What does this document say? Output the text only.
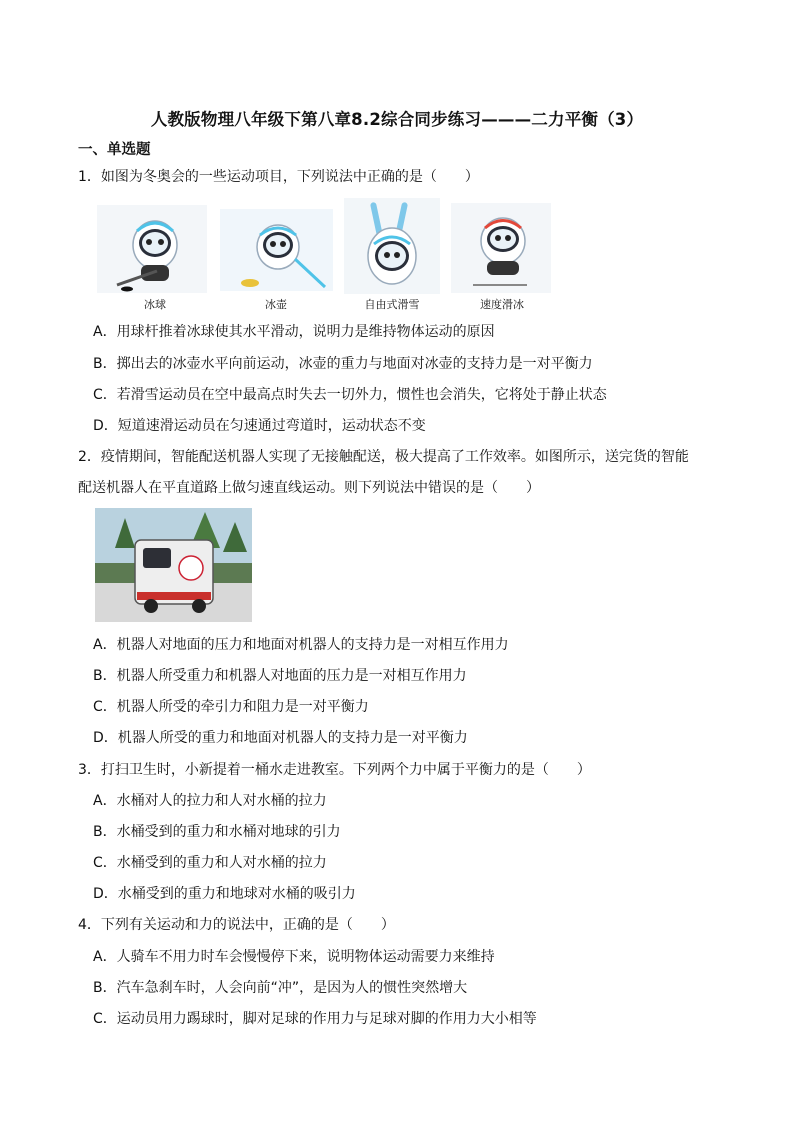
人教版物理八年级下第八章8.2综合同步练习———二力平衡（3）
一、单选题
1．如图为冬奥会的一些运动项目，下列说法中正确的是（　　）
冰球	冰壶	自由式滑雪	速度滑冰
A．用球杆推着冰球使其水平滑动，说明力是维持物体运动的原因
B．掷出去的冰壶水平向前运动，冰壶的重力与地面对冰壶的支持力是一对平衡力
C．若滑雪运动员在空中最高点时失去一切外力，惯性也会消失，它将处于静止状态
D．短道速滑运动员在匀速通过弯道时，运动状态不变
2．疫情期间，智能配送机器人实现了无接触配送，极大提高了工作效率。如图所示，送完货的智能
配送机器人在平直道路上做匀速直线运动。则下列说法中错误的是（　　）
A．机器人对地面的压力和地面对机器人的支持力是一对相互作用力
B．机器人所受重力和机器人对地面的压力是一对相互作用力
C．机器人所受的牵引力和阻力是一对平衡力
D．机器人所受的重力和地面对机器人的支持力是一对平衡力
3．打扫卫生时，小新提着一桶水走进教室。下列两个力中属于平衡力的是（　　）
A．水桶对人的拉力和人对水桶的拉力
B．水桶受到的重力和水桶对地球的引力
C．水桶受到的重力和人对水桶的拉力
D．水桶受到的重力和地球对水桶的吸引力
4．下列有关运动和力的说法中，正确的是（　　）
A．人骑车不用力时车会慢慢停下来，说明物体运动需要力来维持
B．汽车急刹车时，人会向前“冲”，是因为人的惯性突然增大
C．运动员用力踢球时，脚对足球的作用力与足球对脚的作用力大小相等
